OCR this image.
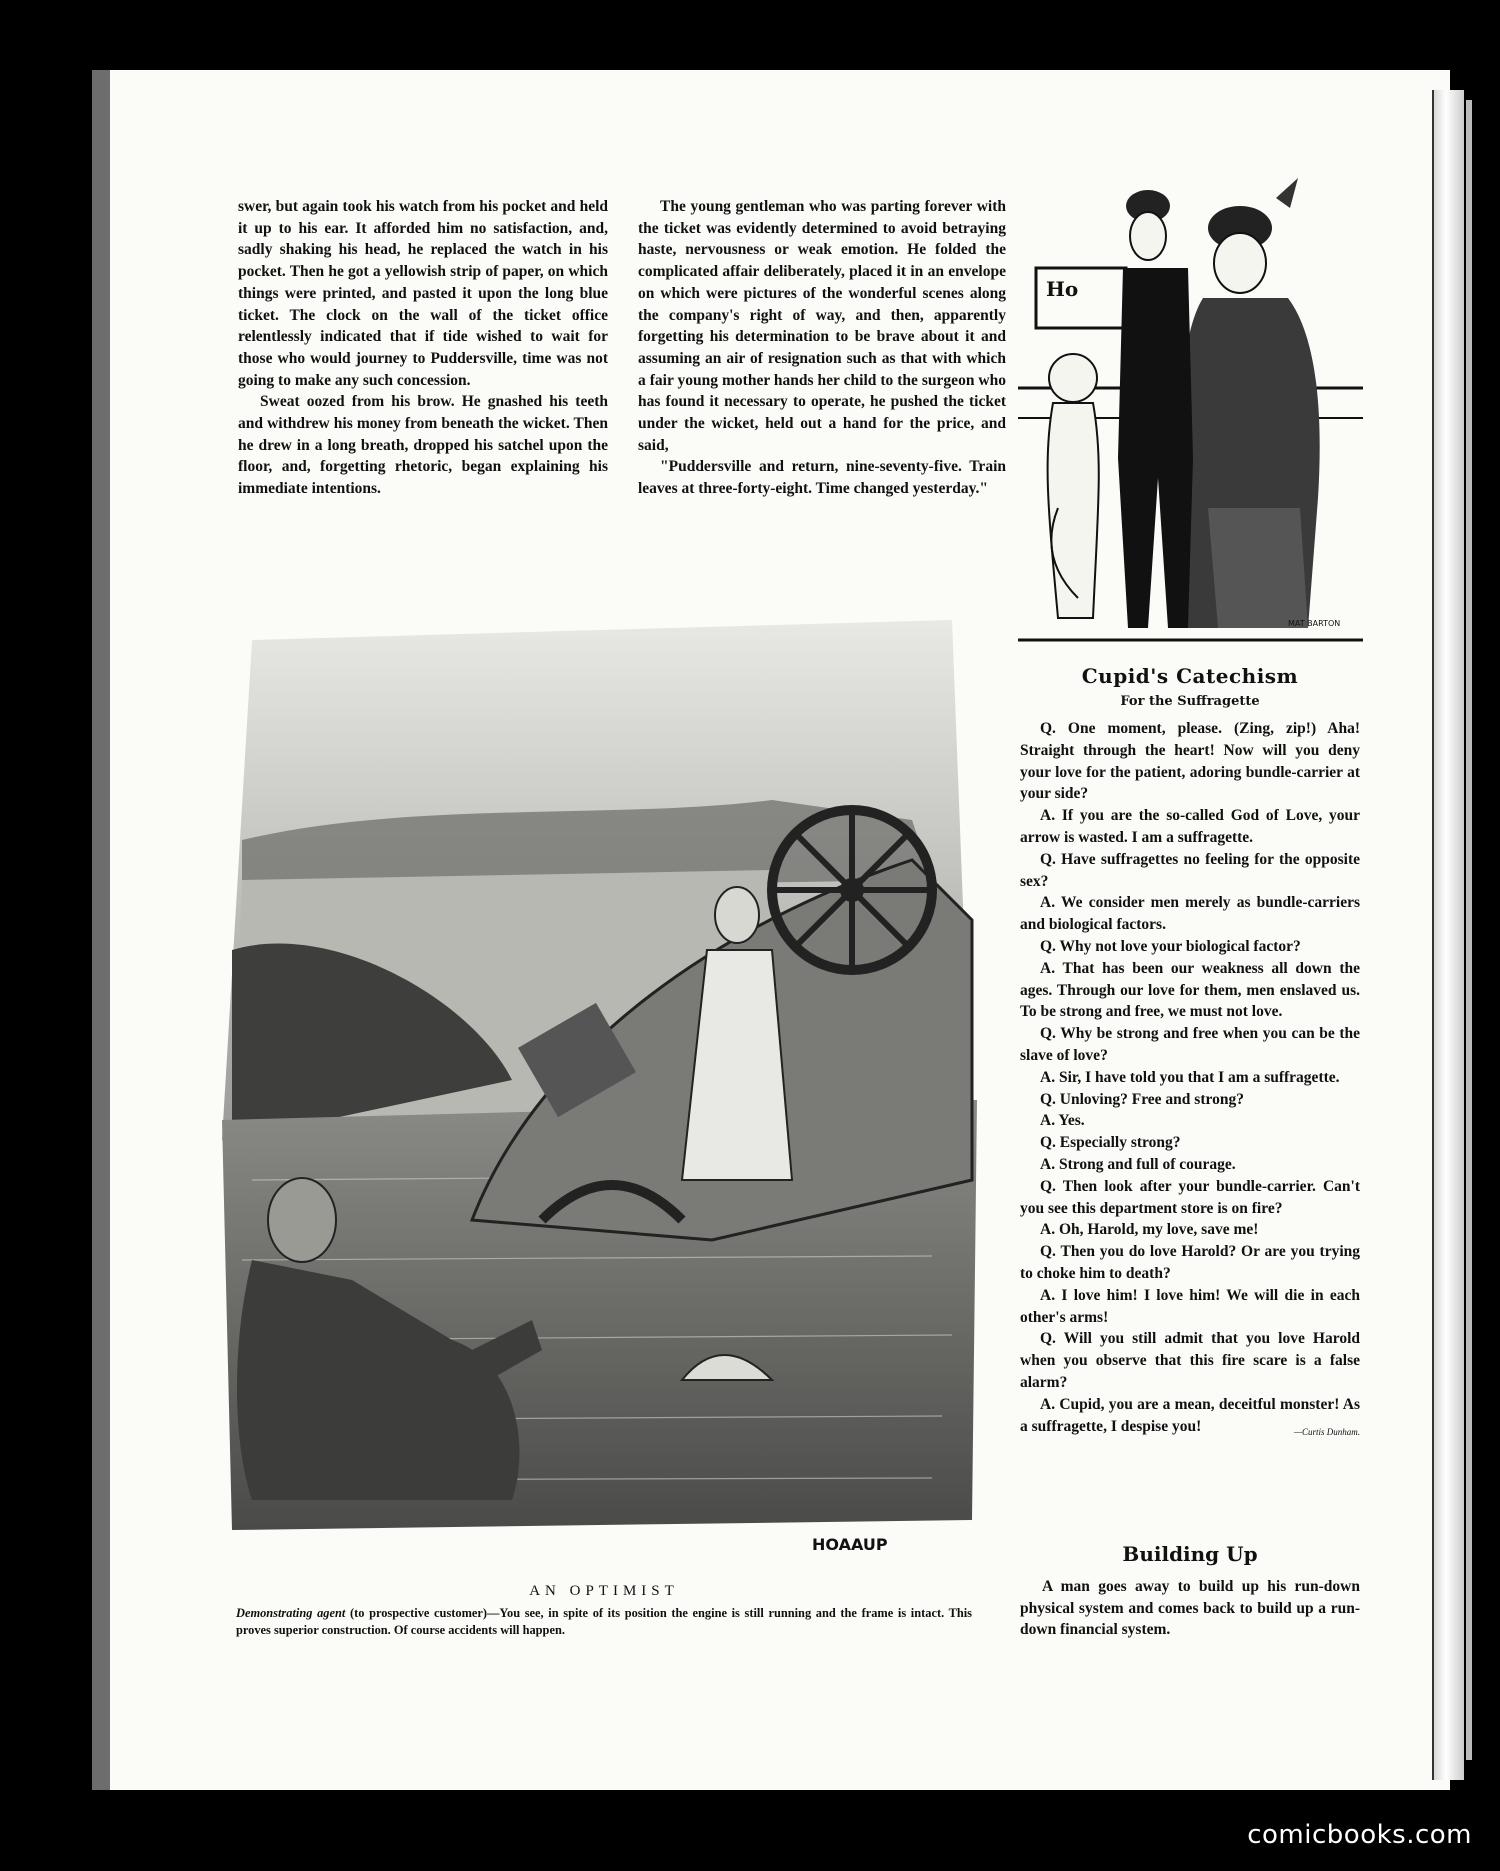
swer, but again took his watch from his pocket and held it up to his ear. It afforded him no satisfaction, and, sadly shaking his head, he replaced the watch in his pocket. Then he got a yellowish strip of paper, on which things were printed, and pasted it upon the long blue ticket. The clock on the wall of the ticket office relentlessly indicated that if tide wished to wait for those who would journey to Puddersville, time was not going to make any such concession.

Sweat oozed from his brow. He gnashed his teeth and withdrew his money from beneath the wicket. Then he drew in a long breath, dropped his satchel upon the floor, and, forgetting rhetoric, began explaining his immediate intentions.

The young gentleman who was parting forever with the ticket was evidently determined to avoid betraying haste, nervousness or weak emotion. He folded the complicated affair deliberately, placed it in an envelope on which were pictures of the wonderful scenes along the company's right of way, and then, apparently forgetting his determination to be brave about it and assuming an air of resignation such as that with which a fair young mother hands her child to the surgeon who has found it necessary to operate, he pushed the ticket under the wicket, held out a hand for the price, and said,

"Puddersville and return, nine-seventy-five. Train leaves at three-forty-eight. Time changed yesterday."

Ho
MAT BARTON
Cupid's Catechism
For the Suffragette

Q. One moment, please. (Zing, zip!) Aha! Straight through the heart! Now will you deny your love for the patient, adoring bundle-carrier at your side?

A. If you are the so-called God of Love, your arrow is wasted. I am a suffragette.

Q. Have suffragettes no feeling for the opposite sex?

A. We consider men merely as bundle-carriers and biological factors.

Q. Why not love your biological factor?

A. That has been our weakness all down the ages. Through our love for them, men enslaved us. To be strong and free, we must not love.

Q. Why be strong and free when you can be the slave of love?

A. Sir, I have told you that I am a suffragette.

Q. Unloving? Free and strong?

A. Yes.

Q. Especially strong?

A. Strong and full of courage.

Q. Then look after your bundle-carrier. Can't you see this department store is on fire?

A. Oh, Harold, my love, save me!

Q. Then you do love Harold? Or are you trying to choke him to death?

A. I love him! I love him! We will die in each other's arms!

Q. Will you still admit that you love Harold when you observe that this fire scare is a false alarm?

A. Cupid, you are a mean, deceitful monster! As a suffragette, I despise you!	—Curtis Dunham.

Building Up

A man goes away to build up his run-down physical system and comes back to build up a run-down financial system.

HOAAUP
AN OPTIMIST
Demonstrating agent (to prospective customer)—You see, in spite of its position the engine is still running and the frame is intact. This proves superior construction. Of course accidents will happen.
comicbooks.com
